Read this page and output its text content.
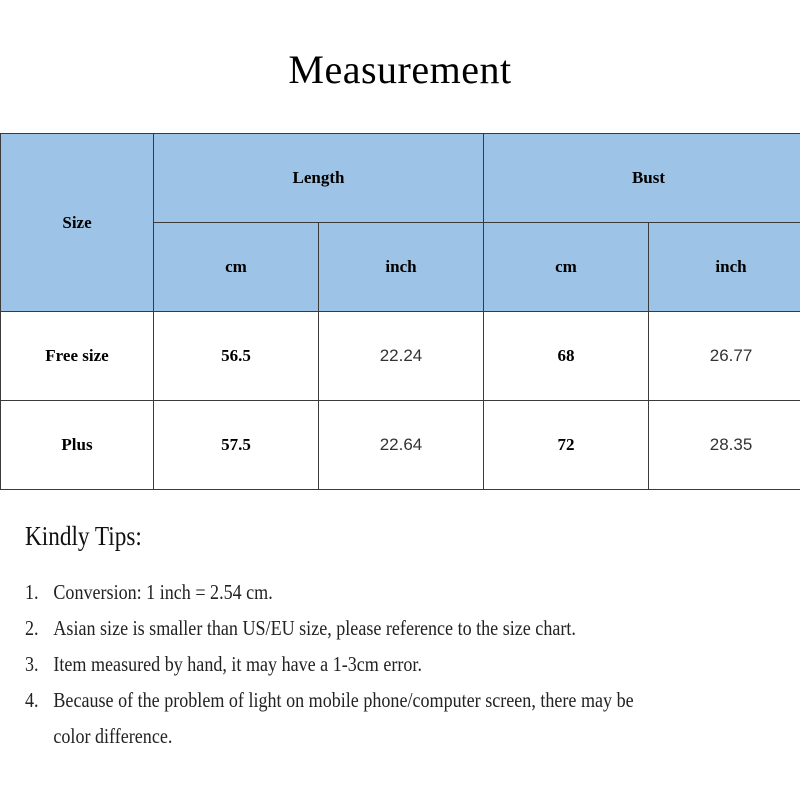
Measurement
Size	Length		Bust	
	cm	inch	cm	inch
Free size	56.5	22.24	68	26.77
Plus	57.5	22.64	72	28.35
Kindly Tips:
1. Conversion: 1 inch = 2.54 cm.
2. Asian size is smaller than US/EU size, please reference to the size chart.
3. Item measured by hand, it may have a 1-3cm error.
4. Because of the problem of light on mobile phone/computer screen, there may be
color difference.
